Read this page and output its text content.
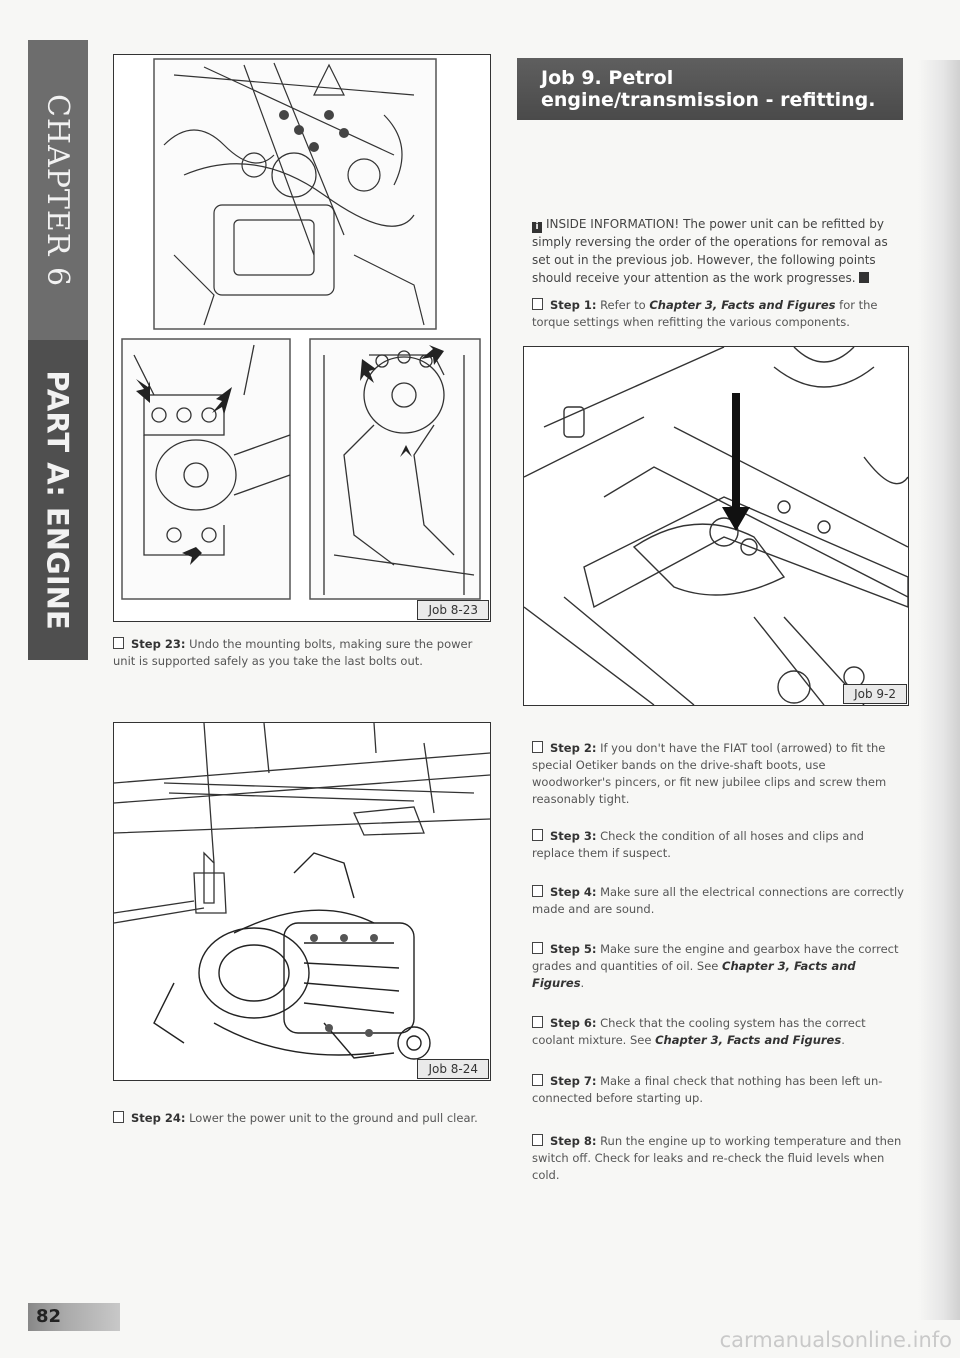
CHAPTER 6
PART A: ENGINE	Job 8-23
Step 23: Undo the mounting bolts, making sure the power unit is supported safely as you take the last bolts out.
Job 8-24
Step 24: Lower the power unit to the ground and pull clear.
Job 9. Petrol engine/transmission - refitting.
i INSIDE INFORMATION! The power unit can be refitted by simply reversing the order of the operations for removal as set out in the previous job. However, the following points should receive your attention as the work progresses.
Step 1: Refer to Chapter 3, Facts and Figures for the torque settings when refitting the various components.
Job 9-2
Step 2: If you don't have the FIAT tool (arrowed) to fit the special Oetiker bands on the drive-shaft boots, use woodworker's pincers, or fit new jubilee clips and screw them reasonably tight.
Step 3: Check the condition of all hoses and clips and replace them if suspect.
Step 4: Make sure all the electrical connections are correctly made and are sound.
Step 5: Make sure the engine and gearbox have the correct grades and quantities of oil. See Chapter 3, Facts and Figures.
Step 6: Check that the cooling system has the correct coolant mixture. See Chapter 3, Facts and Figures.
Step 7: Make a final check that nothing has been left un-connected before starting up.
Step 8: Run the engine up to working temperature and then switch off. Check for leaks and re-check the fluid levels when cold.
82
carmanualsonline.info
